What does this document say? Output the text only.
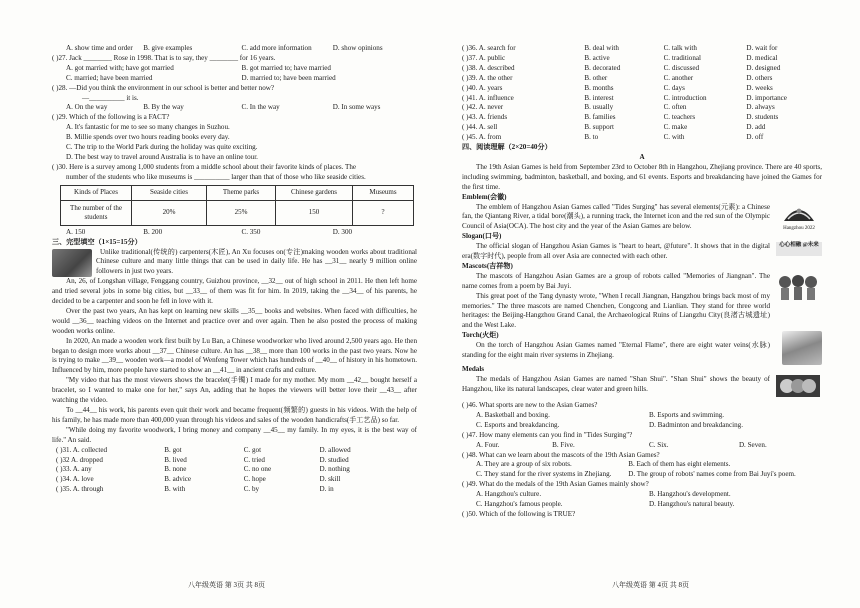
A. show time and order	B. give examples	C. add more information	D. show opinions
( )27. Jack ________ Rose in 1998. That is to say, they ________ for 16 years.
A. got married with; have got married	B. got married to; have married
C. married; have been married	D. married to; have been married
( )28. —Did you think the environment in our school is better and better now?
—__________ it is.
A. On the way	B. By the way	C. In the way	D. In some ways
( )29. Which of the following is a FACT?
A. It's fantastic for me to see so many changes in Suzhou.
B. Millie spends over two hours reading books every day.
C. The trip to the World Park during the holiday was quite exciting.
D. The best way to travel around Australia is to have an online tour.
( )30. Here is a survey among 1,000 students from a middle school about their favorite kinds of places. The
number of the students who like museums is __________ larger than that of those who like seaside cities.
Kinds of Places	Seaside cities	Theme parks	Chinese gardens	Museums
The number of the students	20%	25%	150	?
A. 150	B. 200	C. 350	D. 300
三、完型填空（1×15=15分）
Unlike traditional(传统的) carpenters(木匠), An Xu focuses on(专注)making wooden works about traditional Chinese culture and many little things that can be used in daily life. He has __31__ nearly 9 million online followers in just two years.
An, 26, of Longshan village, Fenggang country, Guizhou province, __32__ out of high school in 2011. He then left home and tried several jobs in some big cities, but __33__ of them was fit for him. In 2019, taking the __34__ of his parents, he decided to be a carpenter and soon he fell in love with it.
Over the past two years, An has kept on learning new skills __35__ books and websites. When faced with difficulties, he would __36__ teaching videos on the Internet and practice over and over again. Then he also posted the process of making wooden works online.
In 2020, An made a wooden work first built by Lu Ban, a Chinese woodworker who lived around 2,500 years ago. He then began to design more works about __37__ Chinese culture. An has __38__ more than 100 works in the past two years. Now he is trying to make __39__ wooden work—a model of Wenfeng Tower which has hundreds of __40__ of history in his hometown. Influenced by him, more people have started to show an __41__ in ancient crafts and culture.
"My video that has the most viewers shows the bracelet(手镯) I made for my mother. My mom __42__ bought herself a bracelet, so I wanted to make one for her," says An, adding that he hopes the viewers will better love their __43__ after watching the video.
To __44__ his work, his parents even quit their work and became frequent(频繁的) guests in his videos. With the help of his family, he has made more than 400,000 yuan through his videos and sales of the wooden handicrafts(手工艺品) so far.
"While doing my favorite woodwork, I bring money and company __45__ my family. In my eyes, it is the best way of life." An said.
( )31. A. collected	B. got	C. got	D. allowed
( )32 A. dropped	B. lived	C. tried	D. studied
( )33. A. any	B. none	C. no one	D. nothing
( )34. A. love	B. advice	C. hope	D. skill
( )35. A. through	B. with	C. by	D. in
八年级英语 第 3页 共 8页
( )36. A. search for	B. deal with	C. talk with	D. wait for
( )37. A. public	B. active	C. traditional	D. medical
( )38. A. described	B. decorated	C. discussed	D. designed
( )39. A. the other	B. other	C. another	D. others
( )40. A. years	B. months	C. days	D. weeks
( )41. A. influence	B. interest	C. introduction	D. importance
( )42. A. never	B. usually	C. often	D. always
( )43. A. friends	B. families	C. teachers	D. students
( )44. A. sell	B. support	C. make	D. add
( )45. A. from	B. to	C. with	D. off
四、阅读理解（2×20=40分）
A
The 19th Asian Games is held from September 23rd to October 8th in Hangzhou, Zhejiang province. There are 40 sports, including swimming, badminton, basketball, and boxing, and 61 events. Esports and breakdancing have joined the Games for the first time.
Emblem(会徽)
The emblem of Hangzhou Asian Games called "Tides Surging" has several elements(元素): a Chinese fan, the Qiantang River, a tidal bore(潮头), a running track, the Internet icon and the red sun of the Olympic Council of Asia(OCA). The host city and the year of the Asian Games are below.	Hangzhou 2022
Slogan(口号)
The official slogan of Hangzhou Asian Games is "heart to heart, @future". It shows that in the digital era(数字时代), people from all over Asia are connected with each other.
心心相融 @未来
Mascots(吉祥物)
The mascots of Hangzhou Asian Games are a group of robots called "Memories of Jiangnan". The name comes from a poem by Bai Juyi.
This great poet of the Tang dynasty wrote, "When I recall Jiangnan, Hangzhou brings back most of my memories." The three mascots are named Chenchen, Congcong and Lianlian. They stand for three world heritages: the Beijing-Hangzhou Grand Canal, the Archaeological Ruins of Liangzhu City(良渚古城遗址) and the West Lake.
Torch(火炬)
On the torch of Hangzhou Asian Games named "Eternal Flame", there are eight water veins(水脉) standing for the eight main river systems in Zhejiang.
Medals
The medals of Hangzhou Asian Games are named "Shan Shui". "Shan Shui" shows the beauty of Hangzhou, like its natural landscapes, clear water and green hills.
( )46. What sports are new to the Asian Games?
A. Basketball and boxing.	B. Esports and swimming.
C. Esports and breakdancing.	D. Badminton and breakdancing.
( )47. How many elements can you find in "Tides Surging"?
A. Four.	B. Five.	C. Six.	D. Seven.
( )48. What can we learn about the mascots of the 19th Asian Games?
A. They are a group of six robots.	B. Each of them has eight elements.
C. They stand for the river systems in Zhejiang.	D. The group of robots' names come from Bai Juyi's poem.
( )49. What do the medals of the 19th Asian Games mainly show?
A. Hangzhou's culture.	B. Hangzhou's development.
C. Hangzhou's famous people.	D. Hangzhou's natural beauty.
( )50. Which of the following is TRUE?
八年级英语 第 4页 共 8页
